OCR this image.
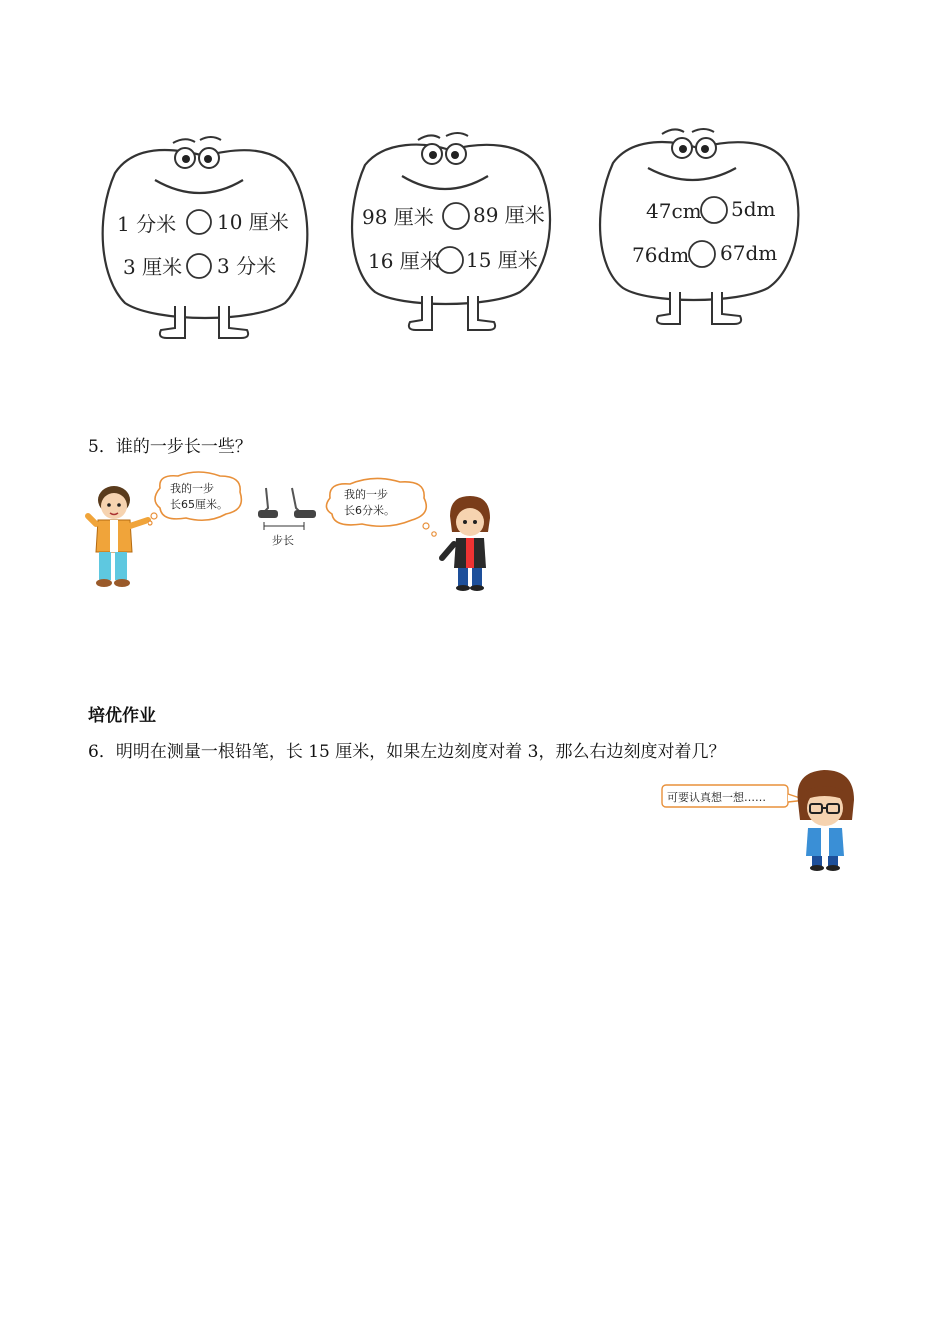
1 分米 10 厘米
3 厘米 3 分米
98 厘米 89 厘米
16 厘米 15 厘米
47cm 5dm
76dm 67dm
5．谁的一步长一些？
我的一步
长65厘米。
步长
我的一步
长6分米。
培优作业
6．明明在测量一根铅笔，长 15 厘米，如果左边刻度对着 3，那么右边刻度对着几？
可要认真想一想……
